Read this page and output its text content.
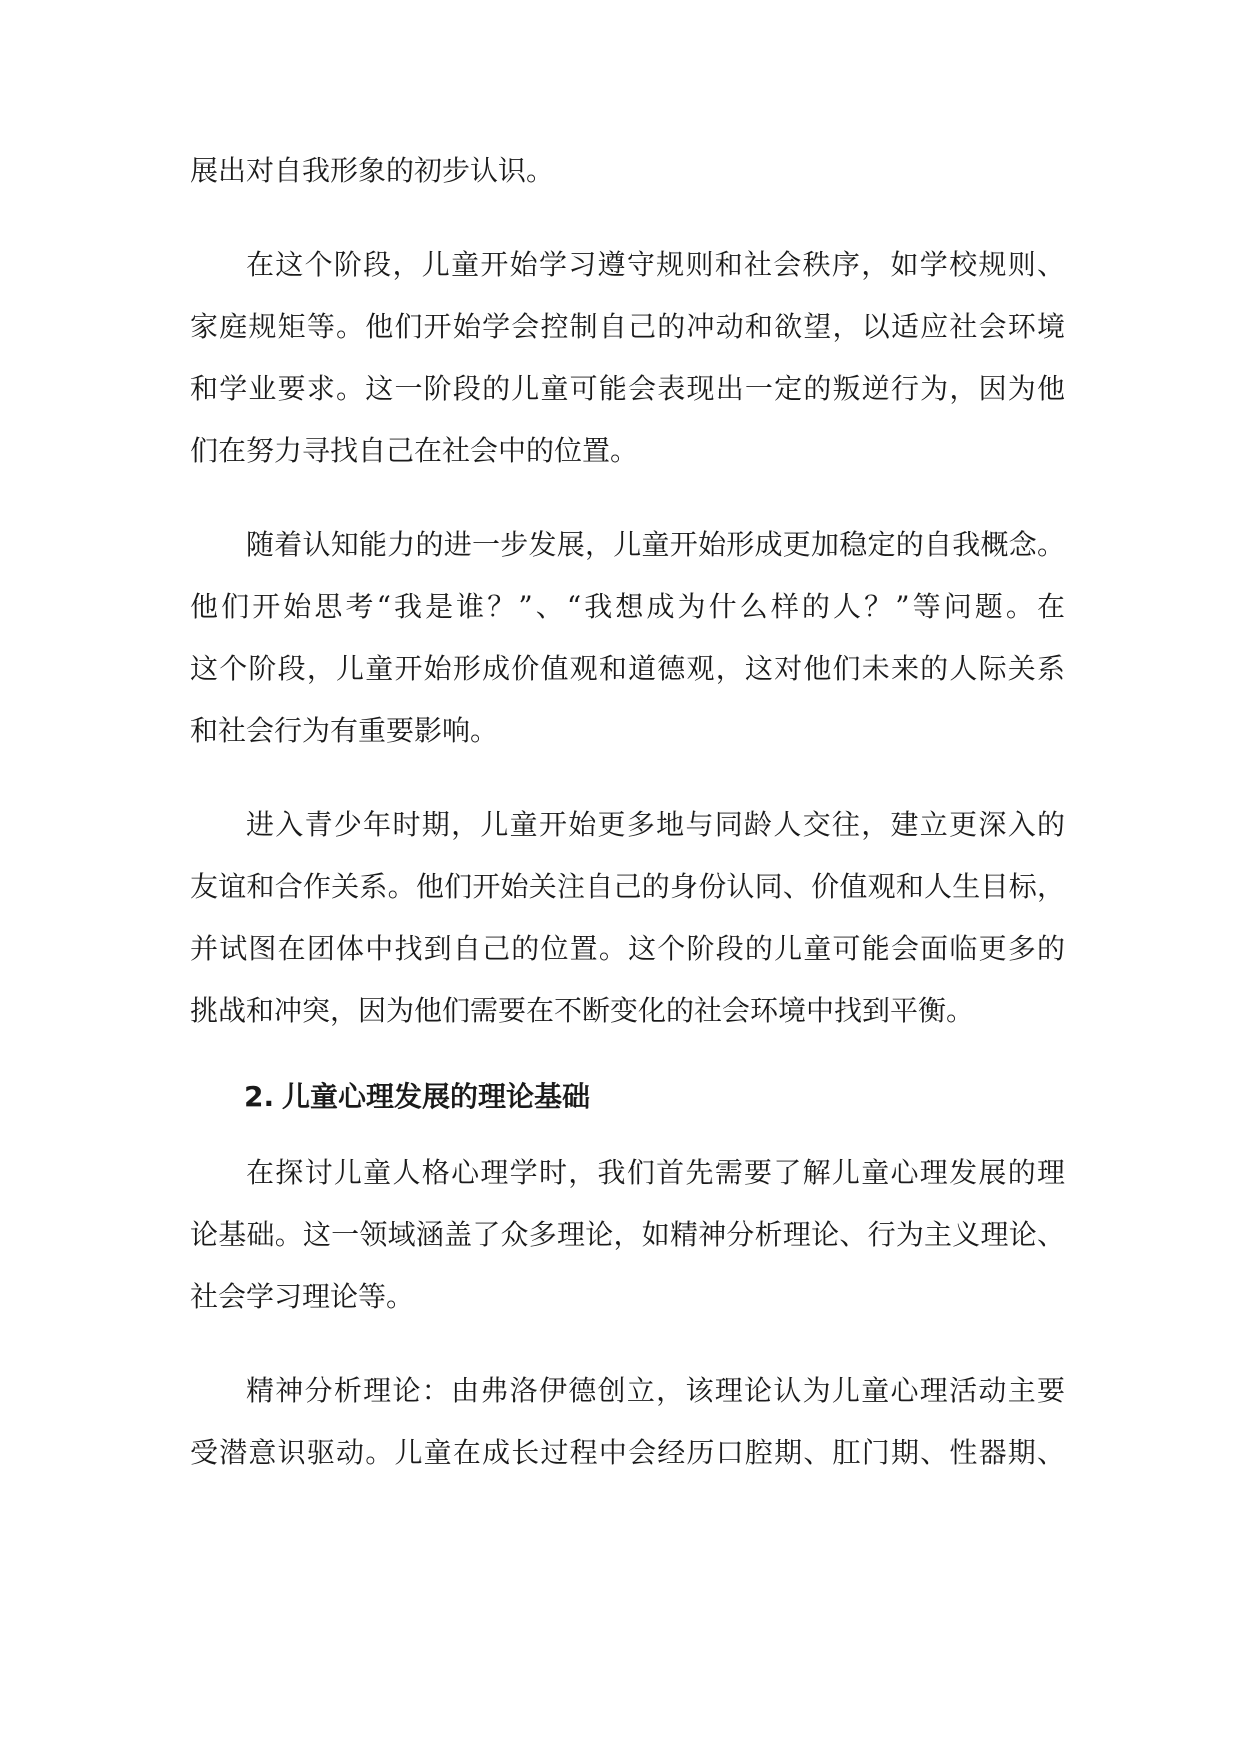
展出对自我形象的初步认识。
在这个阶段，儿童开始学习遵守规则和社会秩序，如学校规则、
家庭规矩等。他们开始学会控制自己的冲动和欲望，以适应社会环境
和学业要求。这一阶段的儿童可能会表现出一定的叛逆行为，因为他
们在努力寻找自己在社会中的位置。
随着认知能力的进一步发展，儿童开始形成更加稳定的自我概念。
他们开始思考“我是谁？”、“我想成为什么样的人？”等问题。在
这个阶段，儿童开始形成价值观和道德观，这对他们未来的人际关系
和社会行为有重要影响。
进入青少年时期，儿童开始更多地与同龄人交往，建立更深入的
友谊和合作关系。他们开始关注自己的身份认同、价值观和人生目标，
并试图在团体中找到自己的位置。这个阶段的儿童可能会面临更多的
挑战和冲突，因为他们需要在不断变化的社会环境中找到平衡。
2. 儿童心理发展的理论基础
在探讨儿童人格心理学时，我们首先需要了解儿童心理发展的理
论基础。这一领域涵盖了众多理论，如精神分析理论、行为主义理论、
社会学习理论等。
精神分析理论：由弗洛伊德创立，该理论认为儿童心理活动主要
受潜意识驱动。儿童在成长过程中会经历口腔期、肛门期、性器期、
